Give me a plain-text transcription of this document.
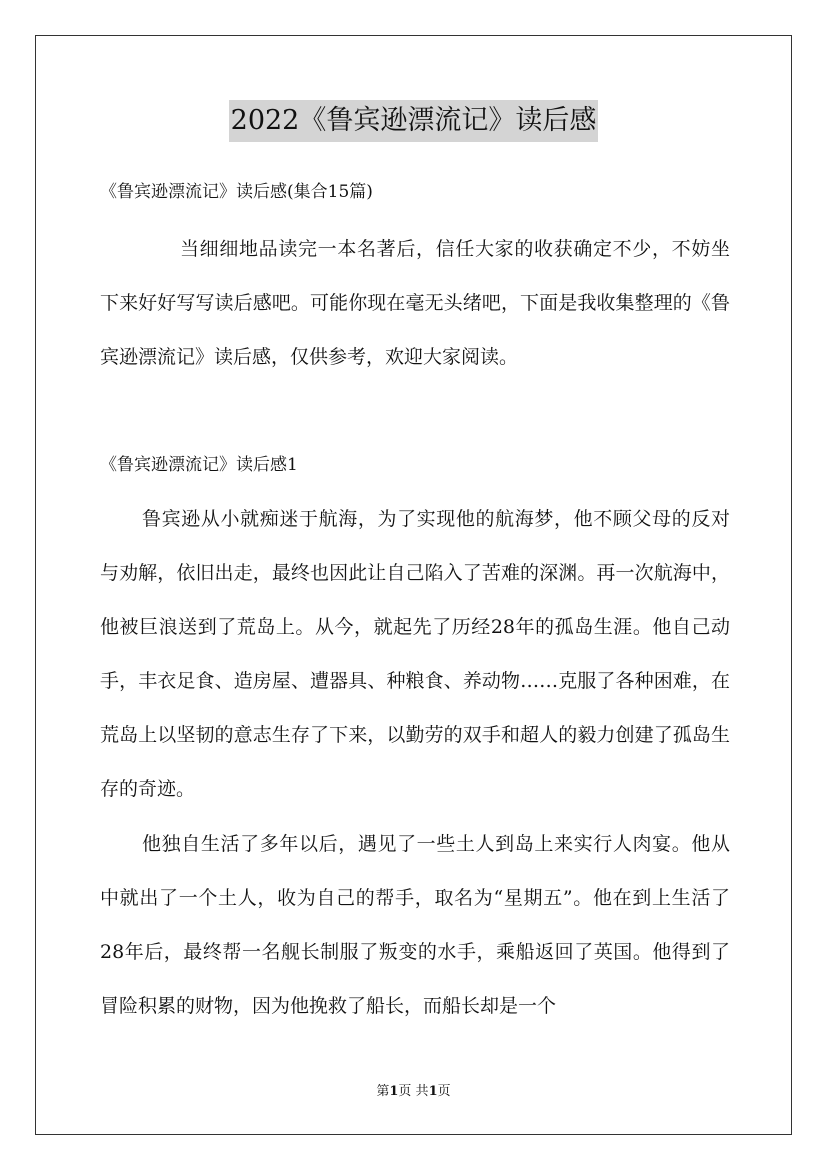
2022《鲁宾逊漂流记》读后感
《鲁宾逊漂流记》读后感(集合15篇)

当细细地品读完一本名著后，信任大家的收获确定不少，不妨坐下来好好写写读后感吧。可能你现在毫无头绪吧，下面是我收集整理的《鲁宾逊漂流记》读后感，仅供参考，欢迎大家阅读。

《鲁宾逊漂流记》读后感1

鲁宾逊从小就痴迷于航海，为了实现他的航海梦，他不顾父母的反对与劝解，依旧出走，最终也因此让自己陷入了苦难的深渊。再一次航海中，他被巨浪送到了荒岛上。从今，就起先了历经28年的孤岛生涯。他自己动手，丰衣足食、造房屋、遭器具、种粮食、养动物……克服了各种困难，在荒岛上以坚韧的意志生存了下来，以勤劳的双手和超人的毅力创建了孤岛生存的奇迹。

他独自生活了多年以后，遇见了一些土人到岛上来实行人肉宴。他从中就出了一个土人，收为自己的帮手，取名为“星期五”。他在到上生活了28年后，最终帮一名舰长制服了叛变的水手，乘船返回了英国。他得到了冒险积累的财物，因为他挽救了船长，而船长却是一个

第1页 共1页
